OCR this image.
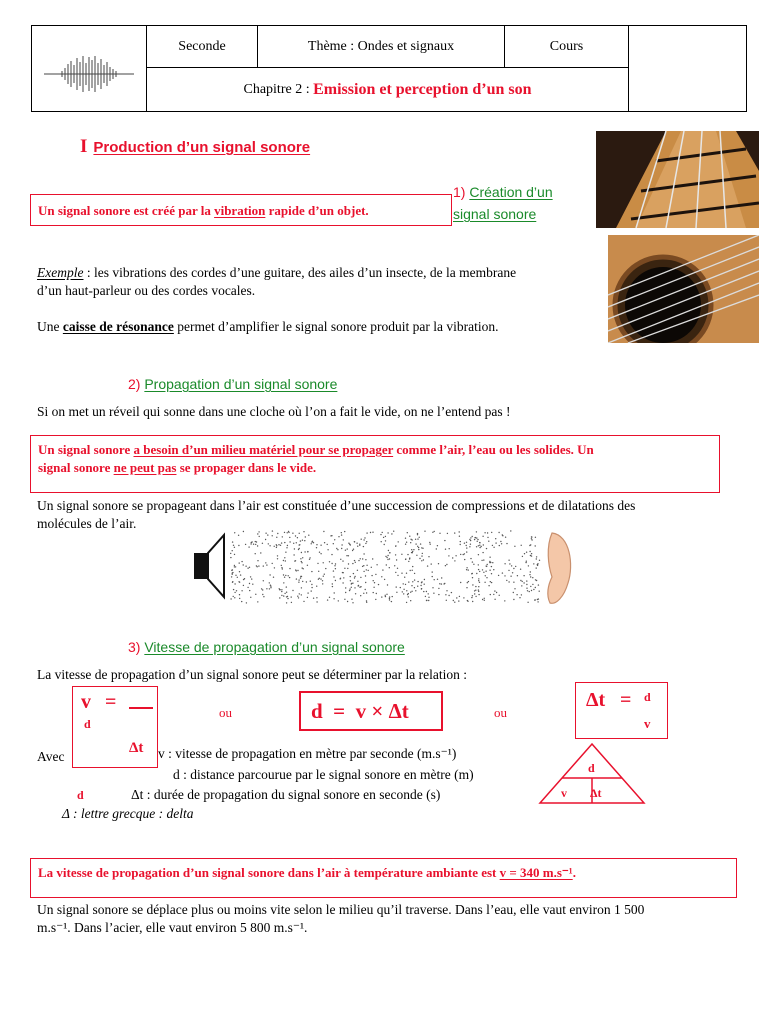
Seconde	Thème : Ondes et signaux	Cours
Chapitre 2 : Emission et perception d’un son
I Production d’un signal sonore
1) Création d’un
signal sonore
Un signal sonore est créé par la vibration rapide d’un objet.
Exemple : les vibrations des cordes d’une guitare, des ailes d’un insecte, de la membrane
d’un haut-parleur ou des cordes vocales.
Une caisse de résonance permet d’amplifier le signal sonore produit par la vibration.
2) Propagation d’un signal sonore
Si on met un réveil qui sonne dans une cloche où l’on a fait le vide, on ne l’entend pas !
Un signal sonore a besoin d’un milieu matériel pour se propager comme l’air, l’eau ou les solides. Un
signal sonore ne peut pas se propager dans le vide.
Un signal sonore se propageant dans l’air est constituée d’une succession de compressions et de dilatations des
molécules de l’air.
3) Vitesse de propagation d’un signal sonore
La vitesse de propagation d’un signal sonore peut se déterminer par la relation :
v =
d
Δt
ou	d  =  v × Δt	ou
Δt = d
v
Avec	v : vitesse de propagation en mètre par seconde (m.s⁻¹)
d : distance parcourue par le signal sonore en mètre (m)
d	Δt : durée de propagation du signal sonore en seconde (s)
Δ : lettre grecque : delta
d
v Δt
La vitesse de propagation d’un signal sonore dans l’air à température ambiante est v = 340 m.s⁻¹.
Un signal sonore se déplace plus ou moins vite selon le milieu qu’il traverse. Dans l’eau, elle vaut environ 1 500
m.s⁻¹. Dans l’acier, elle vaut environ 5 800 m.s⁻¹.
